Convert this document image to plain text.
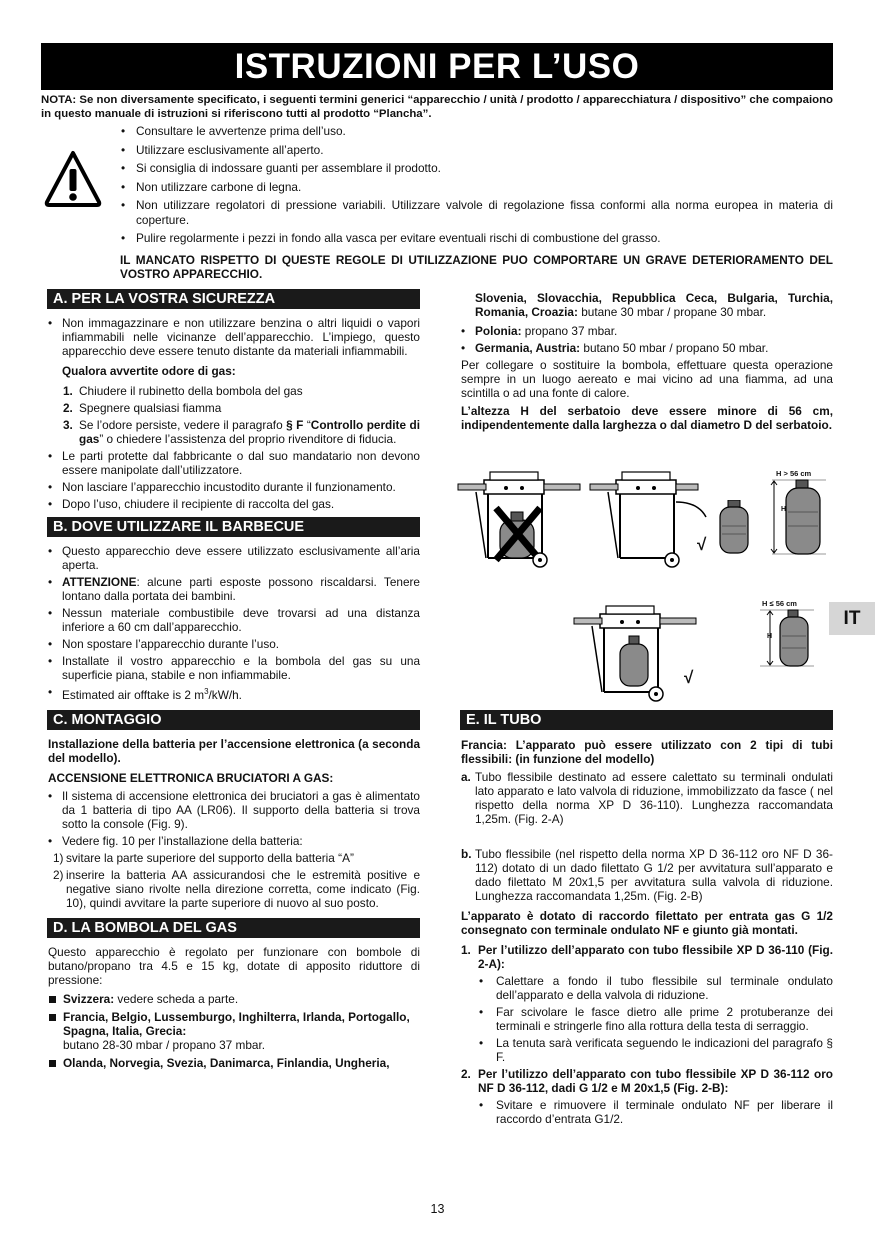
ISTRUZIONI PER L’USO
NOTA: Se non diversamente specificato, i seguenti termini generici “apparecchio / unità / prodotto / apparecchiatura / dispositivo” che compaiono in questo manuale di istruzioni si riferiscono tutti al prodotto “Plancha”.
• Consultare le avvertenze prima dell’uso.
• Utilizzare esclusivamente all’aperto.
• Si consiglia di indossare guanti per assemblare il prodotto.
• Non utilizzare carbone di legna.
• Non utilizzare regolatori di pressione variabili. Utilizzare valvole di regolazione fissa conformi alla norma europea in materia di coperture.
• Pulire regolarmente i pezzi in fondo alla vasca per evitare eventuali rischi di combustione del grasso.
IL MANCATO RISPETTO DI QUESTE REGOLE DI UTILIZZAZIONE PUO COMPORTARE UN GRAVE DETERIORAMENTO DEL VOSTRO APPARECCHIO.
A. PER LA VOSTRA SICUREZZA
• Non immagazzinare e non utilizzare benzina o altri liquidi o vapori infiammabili nelle vicinanze dell’apparecchio. L’impiego, questo apparecchio deve essere tenuto distante da materiali infiammabili.
Qualora avvertite odore di gas:
1. Chiudere il rubinetto della bombola del gas
2. Spegnere qualsiasi fiamma
3. Se l’odore persiste, vedere il paragrafo § F “Controllo perdite di gas” o chiedere l’assistenza del proprio rivenditore di fiducia.
• Le parti protette dal fabbricante o dal suo mandatario non devono essere manipolate dall’utilizzatore.
• Non lasciare l’apparecchio incustodito durante il funzionamento.
• Dopo l’uso, chiudere il recipiente di raccolta del gas.
B. DOVE UTILIZZARE IL BARBECUE
• Questo apparecchio deve essere utilizzato esclusivamente all’aria aperta.
• ATTENZIONE: alcune parti esposte possono riscaldarsi. Tenere lontano dalla portata dei bambini.
• Nessun materiale combustibile deve trovarsi ad una distanza inferiore a 60 cm dall’apparecchio.
• Non spostare l’apparecchio durante l’uso.
• Installate il vostro apparecchio e la bombola del gas su una superficie piana, stabile e non infiammabile.
• Estimated air offtake is 2 $m^3/kW/h$.
C. MONTAGGIO
Installazione della batteria per l’accensione elettronica (a seconda del modello).
ACCENSIONE ELETTRONICA BRUCIATORI A GAS:
• Il sistema di accensione elettronica dei bruciatori a gas è alimentato da 1 batteria di tipo AA (LR06). Il supporto della batteria si trova sotto la console (Fig. 9).
• Vedere fig. 10 per l’installazione della batteria:
1) svitare la parte superiore del supporto della batteria “A”
2) inserire la batteria AA assicurandosi che le estremità positive e negative siano rivolte nella direzione corretta, come indicato (Fig. 10), quindi avvitare la parte superiore di nuovo al suo posto.
D. LA BOMBOLA DEL GAS
Questo apparecchio è regolato per funzionare con bombole di butano/propano tra 4.5 e 15 kg, dotate di apposito riduttore di pressione:
Svizzera: vedere scheda a parte.
Francia, Belgio, Lussemburgo, Inghilterra, Irlanda, Portogallo, Spagna, Italia, Grecia:
butano 28-30 mbar / propano 37 mbar.
Olanda, Norvegia, Svezia, Danimarca, Finlandia, Ungheria,
Slovenia, Slovacchia, Repubblica Ceca, Bulgaria, Turchia, Romania, Croazia: butane 30 mbar / propane 30 mbar.
• Polonia: propano 37 mbar.
• Germania, Austria: butano 50 mbar / propano 50 mbar.
Per collegare o sostituire la bombola, effettuare questa operazione sempre in un luogo aereato e mai vicino ad una fiamma, ad una scintilla o ad una fonte di calore.
L’altezza H del serbatoio deve essere minore di 56 cm, indipendentemente dalla larghezza o dal diametro D del serbatoio.
√
H > 56 cm
H
√
H ≤ 56 cm
H
E. IL TUBO
Francia: L’apparato può essere utilizzato con 2 tipi di tubi flessibili: (in funzione del modello)
a. Tubo flessibile destinato ad essere calettato su terminali ondulati lato apparato e lato valvola di riduzione, immobilizzato da fasce ( nel rispetto della norma XP D 36-110). Lunghezza raccomandata 1,25m. (Fig. 2-A)
b. Tubo flessibile (nel rispetto della norma XP D 36-112 oro NF D 36-112) dotato di un dado filettato G 1/2 per avvitatura sull’apparato e dado filettato M 20x1,5 per avvitatura sulla valvola di riduzione. Lunghezza raccomandata 1,25m. (Fig. 2-B)
L’apparato è dotato di raccordo filettato per entrata gas G 1/2 consegnato con terminale ondulato NF e giunto già montati.
1. Per l’utilizzo dell’apparato con tubo flessibile XP D 36-110 (Fig. 2-A):
• Calettare a fondo il tubo flessibile sul terminale ondulato dell’apparato e della valvola di riduzione.
• Far scivolare le fasce dietro alle prime 2 protuberanze dei terminali e stringerle fino alla rottura della testa di serraggio.
• La tenuta sarà verificata seguendo le indicazioni del paragrafo § F.
2. Per l’utilizzo dell’apparato con tubo flessibile XP D 36-112 oro NF D 36-112, dadi G 1/2 e M 20x1,5 (Fig. 2-B):
• Svitare e rimuovere il terminale ondulato NF per liberare il raccordo d’entrata G1/2.
IT
13
